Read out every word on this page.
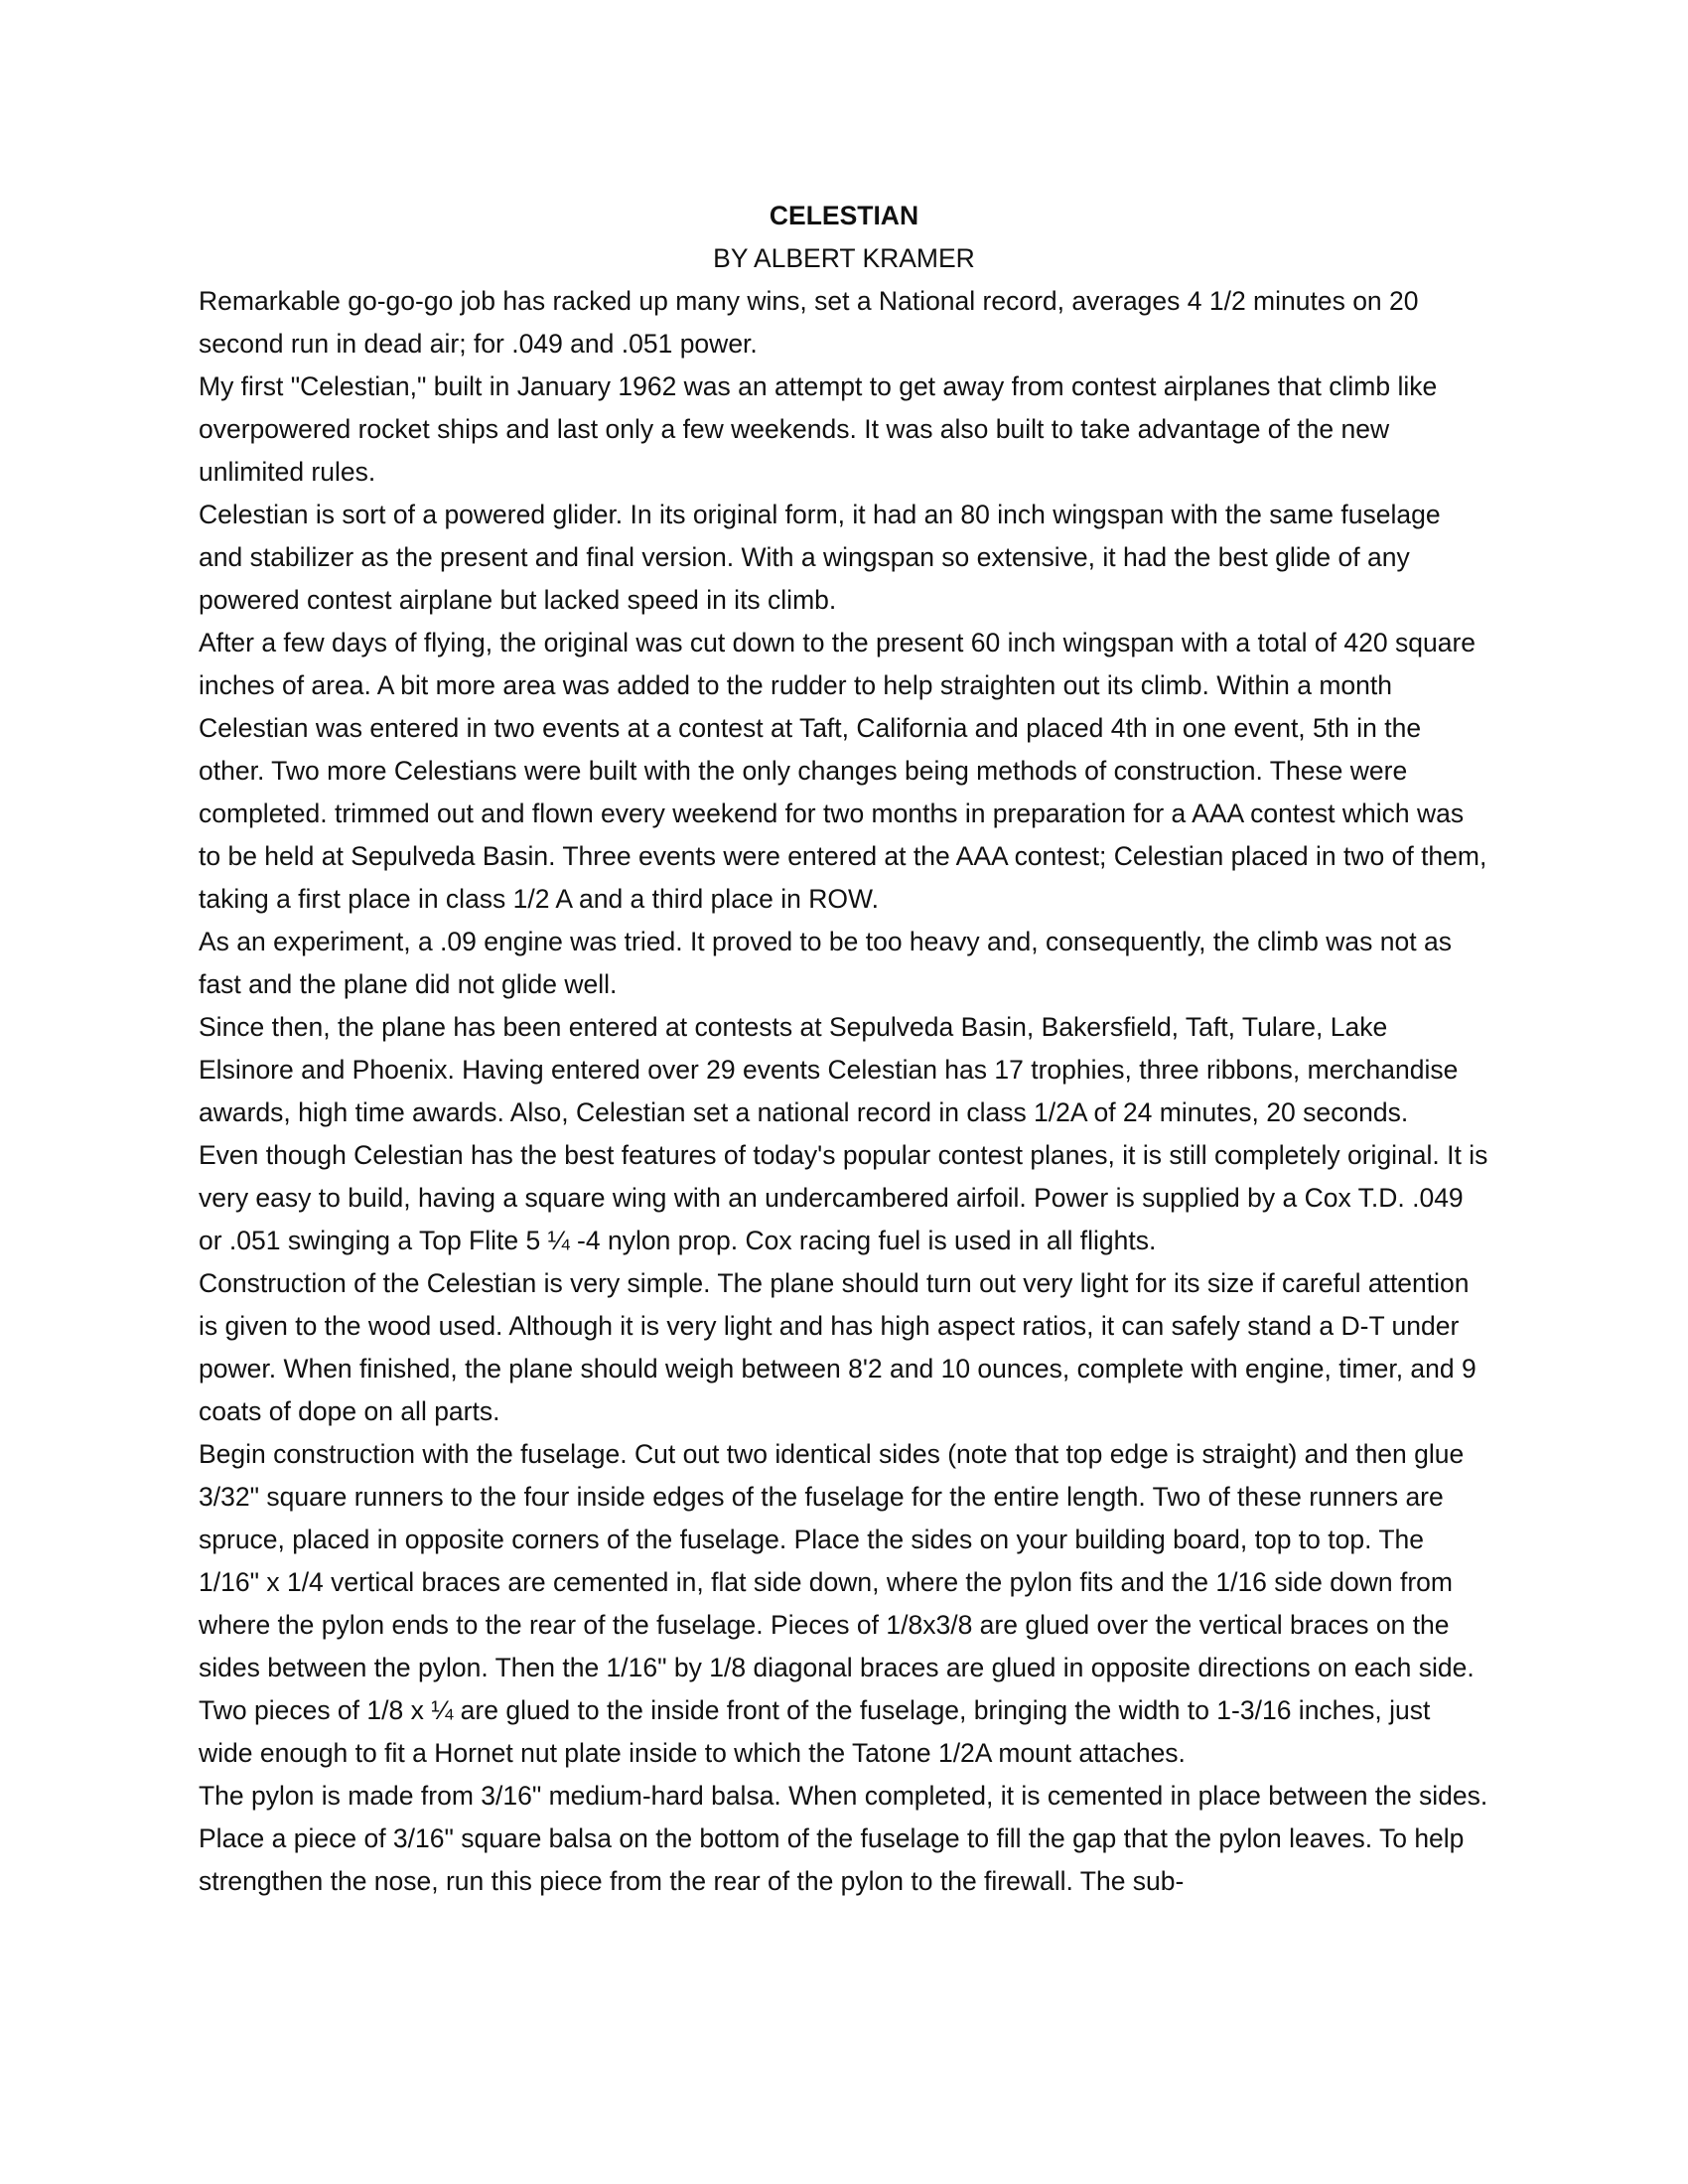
CELESTIAN

BY ALBERT KRAMER

Remarkable go-go-go job has racked up many wins, set a National record, averages 4 1/2 minutes on 20 second run in dead air; for .049 and .051 power.

My first "Celestian," built in January 1962 was an attempt to get away from contest airplanes that climb like overpowered rocket ships and last only a few weekends. It was also built to take advantage of the new unlimited rules.

Celestian is sort of a powered glider. In its original form, it had an 80 inch wingspan with the same fuselage and stabilizer as the present and final version. With a wingspan so extensive, it had the best glide of any powered contest airplane but lacked speed in its climb.

After a few days of flying, the original was cut down to the present 60 inch wingspan with a total of 420 square inches of area. A bit more area was added to the rudder to help straighten out its climb. Within a month Celestian was entered in two events at a contest at Taft, California and placed 4th in one event, 5th in the other. Two more Celestians were built with the only changes being methods of construction. These were completed. trimmed out and flown every weekend for two months in preparation for a AAA contest which was to be held at Sepulveda Basin. Three events were entered at the AAA contest; Celestian placed in two of them, taking a first place in class 1/2 A and a third place in ROW.

As an experiment, a .09 engine was tried. It proved to be too heavy and, consequently, the climb was not as fast and the plane did not glide well.

Since then, the plane has been entered at contests at Sepulveda Basin, Bakersfield, Taft, Tulare, Lake Elsinore and Phoenix. Having entered over 29 events Celestian has 17 trophies, three ribbons, merchandise awards, high time awards. Also, Celestian set a national record in class 1/2A of 24 minutes, 20 seconds.

Even though Celestian has the best features of today's popular contest planes, it is still completely original. It is very easy to build, having a square wing with an undercambered airfoil. Power is supplied by a Cox T.D. .049 or .051 swinging a Top Flite 5 ¼ -4 nylon prop. Cox racing fuel is used in all flights.

Construction of the Celestian is very simple. The plane should turn out very light for its size if careful attention is given to the wood used. Although it is very light and has high aspect ratios, it can safely stand a D-T under power. When finished, the plane should weigh between 8'2 and 10 ounces, complete with engine, timer, and 9 coats of dope on all parts.

Begin construction with the fuselage. Cut out two identical sides (note that top edge is straight) and then glue 3/32" square runners to the four inside edges of the fuselage for the entire length. Two of these runners are spruce, placed in opposite corners of the fuselage. Place the sides on your building board, top to top. The 1/16" x 1/4 vertical braces are cemented in, flat side down, where the pylon fits and the 1/16 side down from where the pylon ends to the rear of the fuselage. Pieces of 1/8x3/8 are glued over the vertical braces on the sides between the pylon. Then the 1/16" by 1/8 diagonal braces are glued in opposite directions on each side. Two pieces of 1/8 x ¼ are glued to the inside front of the fuselage, bringing the width to 1-3/16 inches, just wide enough to fit a Hornet nut plate inside to which the Tatone 1/2A mount attaches.

The pylon is made from 3/16" medium-hard balsa. When completed, it is cemented in place between the sides. Place a piece of 3/16" square balsa on the bottom of the fuselage to fill the gap that the pylon leaves. To help strengthen the nose, run this piece from the rear of the pylon to the firewall. The sub-
